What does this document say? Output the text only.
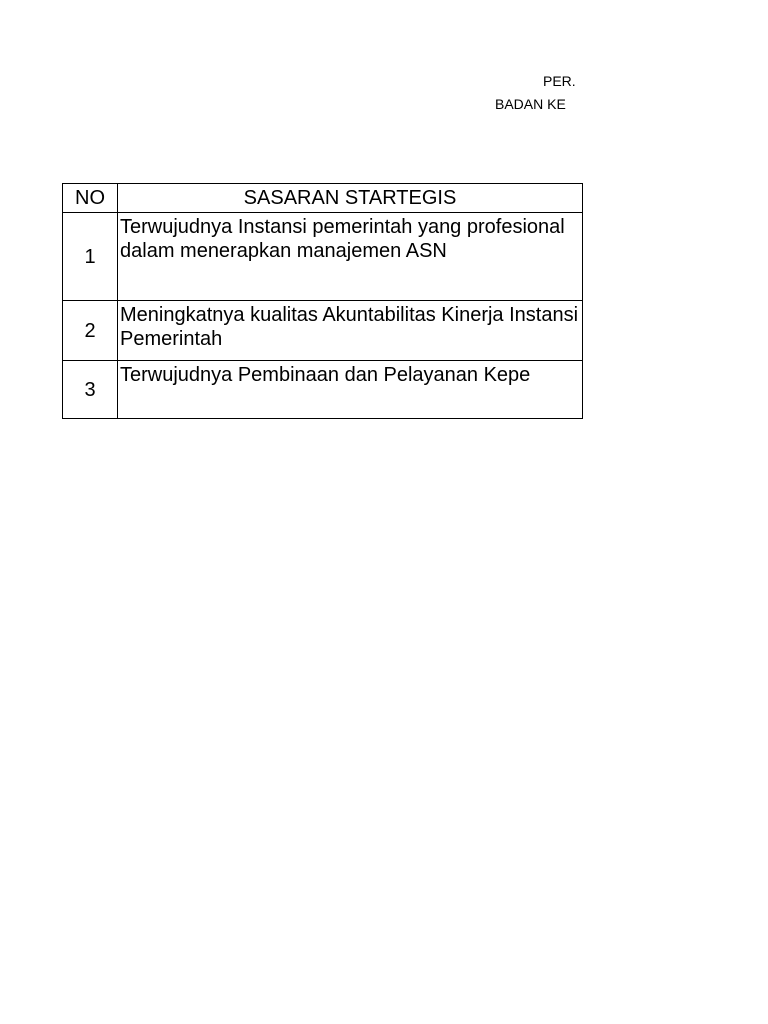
PER.
BADAN KE
NO	SASARAN STARTEGIS
1	Terwujudnya Instansi pemerintah yang profesional dalam menerapkan manajemen ASN
2	Meningkatnya kualitas Akuntabilitas Kinerja Instansi Pemerintah
3	Terwujudnya Pembinaan dan Pelayanan Kepe
